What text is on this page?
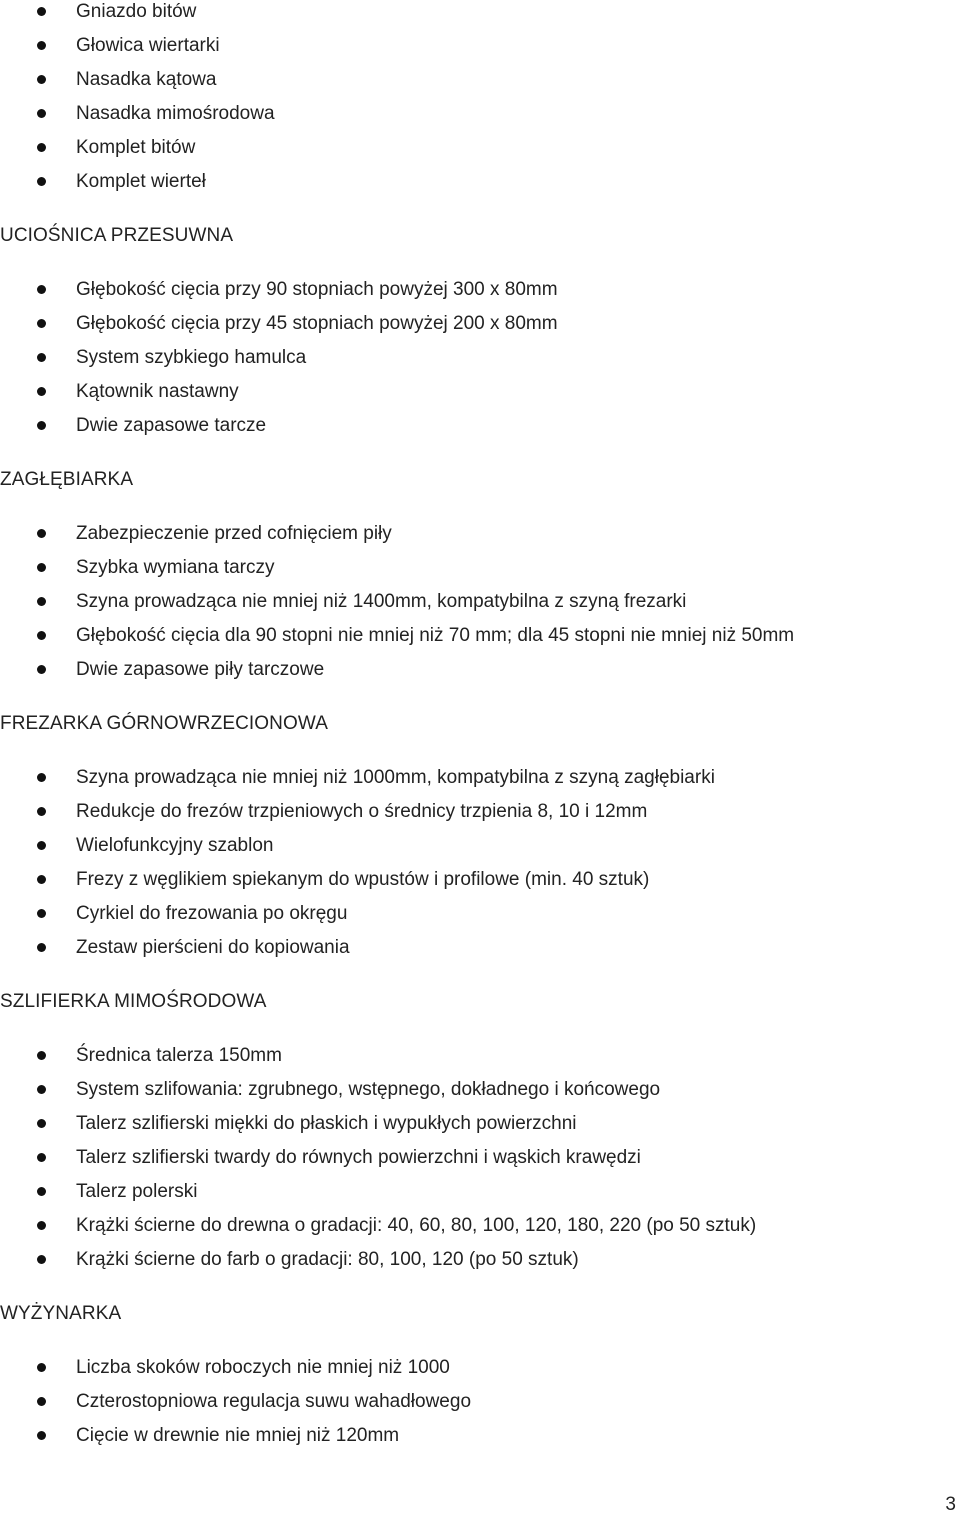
Gniazdo bitów
Głowica wiertarki
Nasadka kątowa
Nasadka mimośrodowa
Komplet bitów
Komplet wierteł
UCIOŚNICA PRZESUWNA
Głębokość cięcia przy 90 stopniach powyżej 300 x 80mm
Głębokość cięcia przy 45 stopniach powyżej 200 x 80mm
System szybkiego hamulca
Kątownik nastawny
Dwie zapasowe tarcze
ZAGŁĘBIARKA
Zabezpieczenie przed cofnięciem piły
Szybka wymiana tarczy
Szyna prowadząca nie mniej niż 1400mm, kompatybilna z szyną frezarki
Głębokość cięcia dla 90 stopni nie mniej niż 70 mm; dla 45 stopni nie mniej niż 50mm
Dwie zapasowe piły tarczowe
FREZARKA GÓRNOWRZECIONOWA
Szyna prowadząca nie mniej niż 1000mm, kompatybilna z szyną zagłębiarki
Redukcje do frezów trzpieniowych o średnicy trzpienia 8, 10 i 12mm
Wielofunkcyjny szablon
Frezy z węglikiem spiekanym do wpustów i profilowe (min. 40 sztuk)
Cyrkiel do frezowania po okręgu
Zestaw pierścieni do kopiowania
SZLIFIERKA MIMOŚRODOWA
Średnica talerza 150mm
System szlifowania: zgrubnego, wstępnego, dokładnego i końcowego
Talerz szlifierski miękki do płaskich i wypukłych powierzchni
Talerz szlifierski twardy do równych powierzchni i wąskich krawędzi
Talerz polerski
Krążki ścierne do drewna o gradacji: 40, 60, 80, 100, 120, 180, 220 (po 50 sztuk)
Krążki ścierne do farb o gradacji: 80, 100, 120 (po 50 sztuk)
WYŻYNARKA
Liczba skoków roboczych nie mniej niż 1000
Czterostopniowa regulacja suwu wahadłowego
Cięcie w drewnie nie mniej niż 120mm
3
